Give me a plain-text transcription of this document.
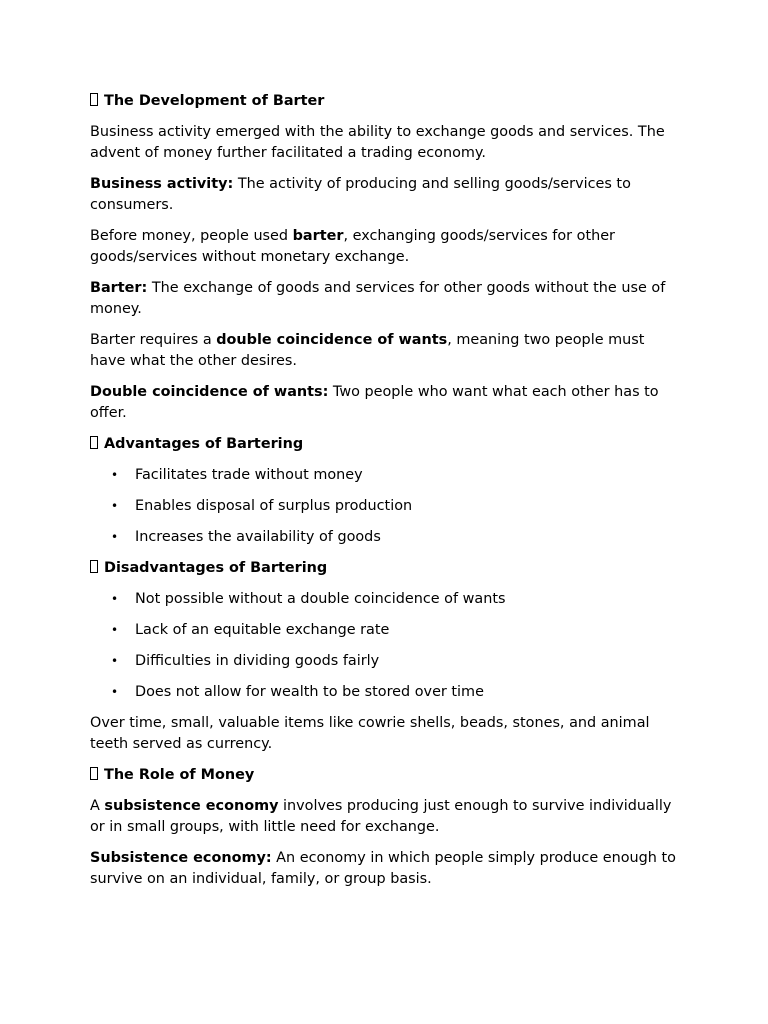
The Development of Barter

Business activity emerged with the ability to exchange goods and services. The advent of money further facilitated a trading economy.

Business activity: The activity of producing and selling goods/services to consumers.

Before money, people used barter, exchanging goods/services for other goods/services without monetary exchange.

Barter: The exchange of goods and services for other goods without the use of money.

Barter requires a double coincidence of wants, meaning two people must have what the other desires.

Double coincidence of wants: Two people who want what each other has to offer.

Advantages of Bartering

• Facilitates trade without money
• Enables disposal of surplus production
• Increases the availability of goods

Disadvantages of Bartering

• Not possible without a double coincidence of wants
• Lack of an equitable exchange rate
• Difficulties in dividing goods fairly
• Does not allow for wealth to be stored over time

Over time, small, valuable items like cowrie shells, beads, stones, and animal teeth served as currency.

The Role of Money

A subsistence economy involves producing just enough to survive individually or in small groups, with little need for exchange.

Subsistence economy: An economy in which people simply produce enough to survive on an individual, family, or group basis.
